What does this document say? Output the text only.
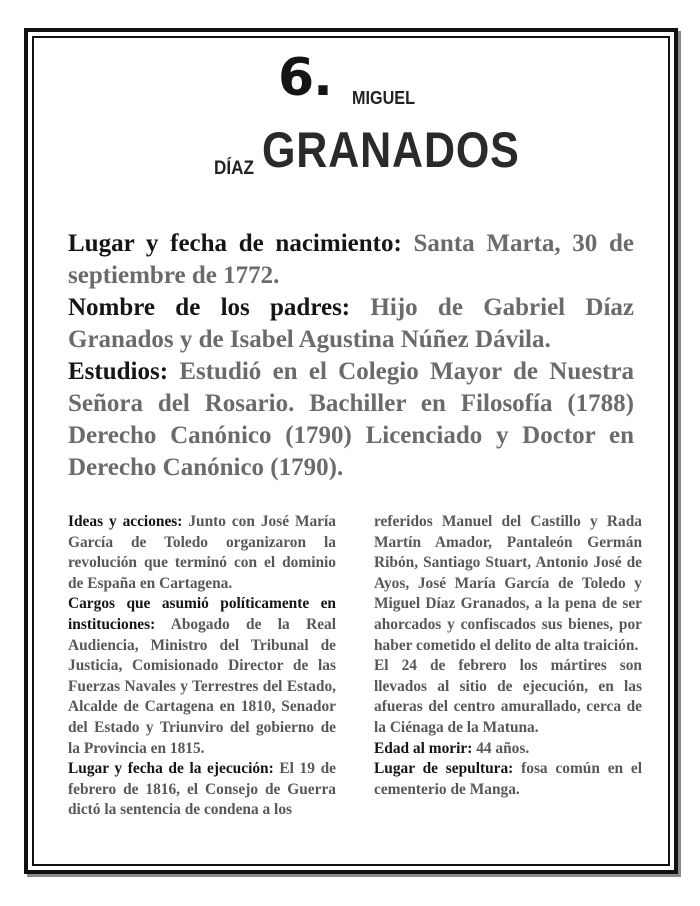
6. MIGUEL
GRANADOS
DÍAZ

Lugar y fecha de nacimiento: Santa Marta, 30 de septiembre de 1772.

Nombre de los padres: Hijo de Gabriel Díaz Granados y de Isabel Agustina Núñez Dávila.

Estudios: Estudió en el Colegio Mayor de Nuestra Señora del Rosario. Bachiller en Filosofía (1788) Derecho Canónico (1790) Licenciado y Doctor en Derecho Canónico (1790).

Ideas y acciones: Junto con José María García de Toledo organizaron la revolución que terminó con el dominio de España en Cartagena.

Cargos que asumió políticamente en instituciones: Abogado de la Real Audiencia, Ministro del Tribunal de Justicia, Comisionado Director de las Fuerzas Navales y Terrestres del Estado, Alcalde de Cartagena en 1810, Senador del Estado y Triunviro del gobierno de la Provincia en 1815.

Lugar y fecha de la ejecución: El 19 de febrero de 1816, el Consejo de Guerra dictó la sentencia de condena a los

referidos Manuel del Castillo y Rada Martín Amador, Pantaleón Germán Ribón, Santiago Stuart, Antonio José de Ayos, José María García de Toledo y Miguel Díaz Granados, a la pena de ser ahorcados y confiscados sus bienes, por haber cometido el delito de alta traición.

El 24 de febrero los mártires son llevados al sitio de ejecución, en las afueras del centro amurallado, cerca de la Ciénaga de la Matuna.

Edad al morir: 44 años.

Lugar de sepultura: fosa común en el cementerio de Manga.
